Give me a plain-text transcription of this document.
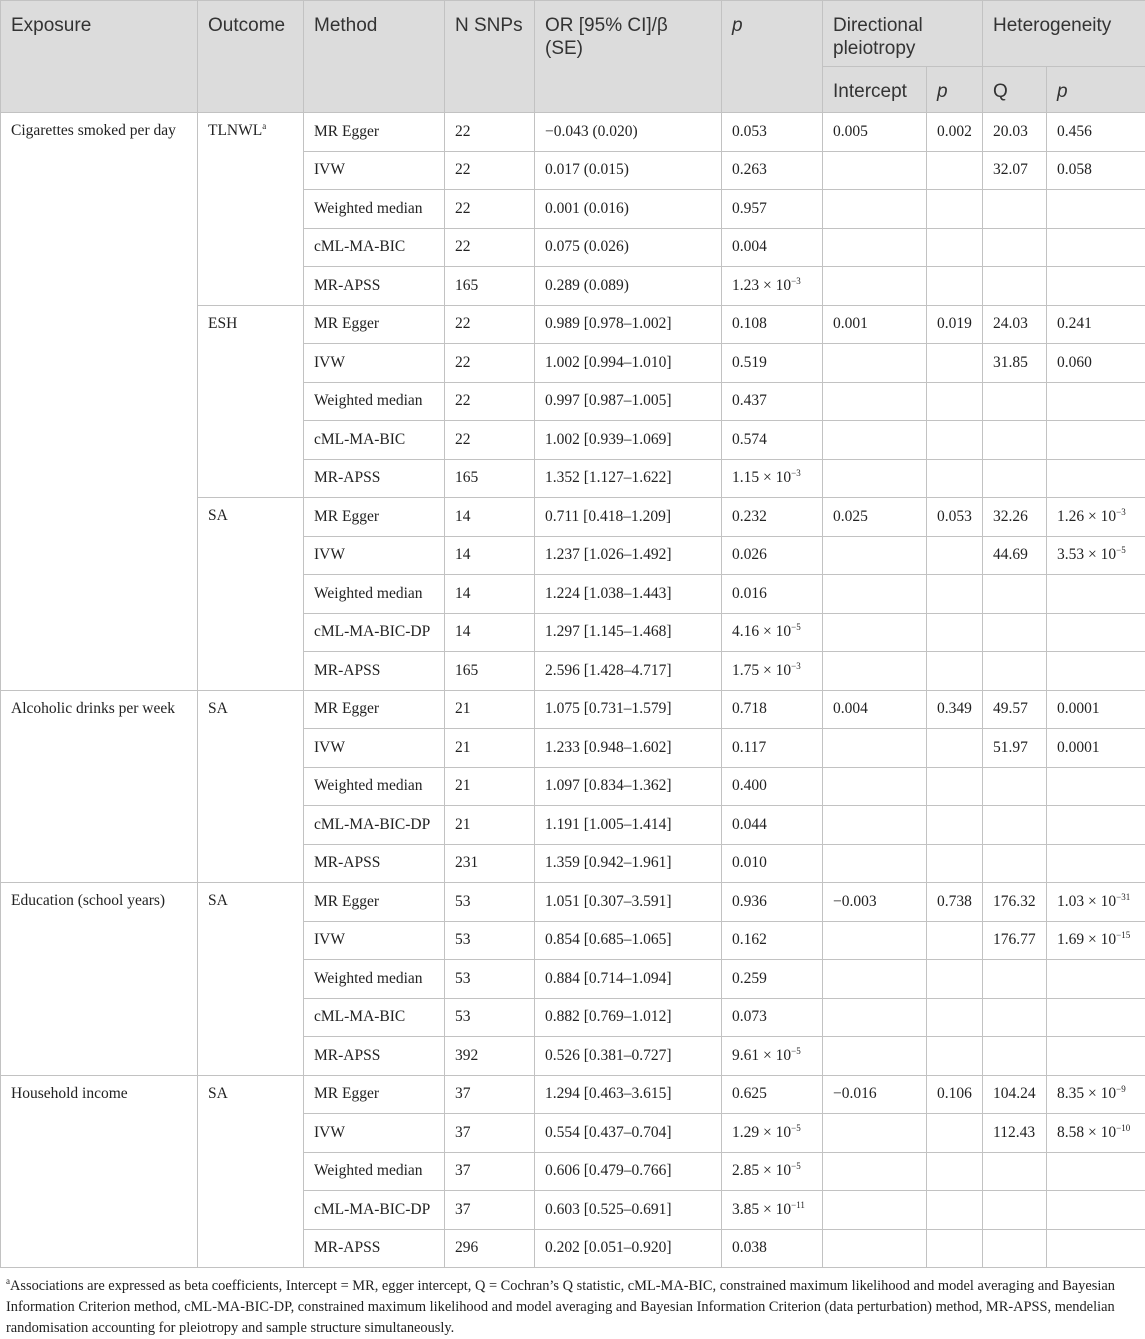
Exposure	Outcome	Method	N SNPs	OR [95% CI]/β (SE)	p	Directional pleiotropy		Heterogeneity	
						Intercept	p	Q	p
Cigarettes smoked per day	TLNWL$^a$	MR Egger	22	−0.043 (0.020)	0.053	0.005	0.002	20.03	0.456
		IVW	22	0.017 (0.015)	0.263			32.07	0.058
		Weighted median	22	0.001 (0.016)	0.957				
		cML-MA-BIC	22	0.075 (0.026)	0.004				
		MR-APSS	165	0.289 (0.089)	$1.23 \times 10^{-3}$				
	ESH	MR Egger	22	0.989 [0.978–1.002]	0.108	0.001	0.019	24.03	0.241
		IVW	22	1.002 [0.994–1.010]	0.519			31.85	0.060
		Weighted median	22	0.997 [0.987–1.005]	0.437				
		cML-MA-BIC	22	1.002 [0.939–1.069]	0.574				
		MR-APSS	165	1.352 [1.127–1.622]	$1.15 \times 10^{-3}$				
	SA	MR Egger	14	0.711 [0.418–1.209]	0.232	0.025	0.053	32.26	$1.26 \times 10^{-3}$
		IVW	14	1.237 [1.026–1.492]	0.026			44.69	$3.53 \times 10^{-5}$
		Weighted median	14	1.224 [1.038–1.443]	0.016				
		cML-MA-BIC-DP	14	1.297 [1.145–1.468]	$4.16 \times 10^{-5}$				
		MR-APSS	165	2.596 [1.428–4.717]	$1.75 \times 10^{-3}$				
Alcoholic drinks per week	SA	MR Egger	21	1.075 [0.731–1.579]	0.718	0.004	0.349	49.57	0.0001
		IVW	21	1.233 [0.948–1.602]	0.117			51.97	0.0001
		Weighted median	21	1.097 [0.834–1.362]	0.400				
		cML-MA-BIC-DP	21	1.191 [1.005–1.414]	0.044				
		MR-APSS	231	1.359 [0.942–1.961]	0.010				
Education (school years)	SA	MR Egger	53	1.051 [0.307–3.591]	0.936	−0.003	0.738	176.32	$1.03 \times 10^{-31}$
		IVW	53	0.854 [0.685–1.065]	0.162			176.77	$1.69 \times 10^{-15}$
		Weighted median	53	0.884 [0.714–1.094]	0.259				
		cML-MA-BIC	53	0.882 [0.769–1.012]	0.073				
		MR-APSS	392	0.526 [0.381–0.727]	$9.61 \times 10^{-5}$				
Household income	SA	MR Egger	37	1.294 [0.463–3.615]	0.625	−0.016	0.106	104.24	$8.35 \times 10^{-9}$
		IVW	37	0.554 [0.437–0.704]	$1.29 \times 10^{-5}$			112.43	$8.58 \times 10^{-10}$
		Weighted median	37	0.606 [0.479–0.766]	$2.85 \times 10^{-5}$				
		cML-MA-BIC-DP	37	0.603 [0.525–0.691]	$3.85 \times 10^{-11}$				
		MR-APSS	296	0.202 [0.051–0.920]	0.038				
$^a$Associations are expressed as beta coefficients, Intercept = MR, egger intercept, Q = Cochran’s Q statistic, cML-MA-BIC, constrained maximum likelihood and model averaging and Bayesian Information Criterion method, cML-MA-BIC-DP, constrained maximum likelihood and model averaging and Bayesian Information Criterion (data perturbation) method, MR-APSS, mendelian randomisation accounting for pleiotropy and sample structure simultaneously.
